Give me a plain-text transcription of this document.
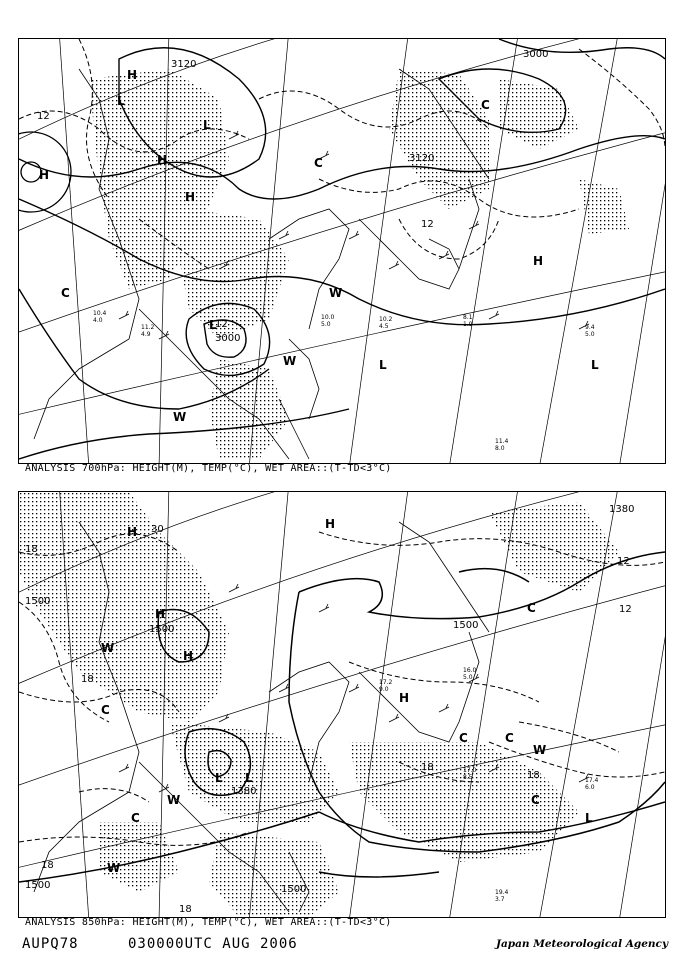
3120
3120
3000
3000
12
12
12
H
L
L
H	C
H
L
C	W
H
H
C
W	L
W
L
11.4
8.0
9.4
5.0
8.1
1.9
11.2
4.9
10.4
4.0	10.2
4.5
10.0
5.0
ANALYSIS 700hPa: HEIGHT(M), TEMP(°C), WET AREA::(T-TD<3°C)
1500
1500	1500
1500	1500
1380
1380
30
18
18
18
18
12
12
18
18
H
H
H
H
H
C
W
C
C
L
W
C
C
W
C
W
L
L
19.4
3.7
17.4
6.0
17.0
8.5
16.0
5.0
17.2
9.0
ANALYSIS 850hPa: HEIGHT(M), TEMP(°C), WET AREA::(T-TD<3°C)
AUPQ78	030000UTC AUG 2006	Japan Meteorological Agency
